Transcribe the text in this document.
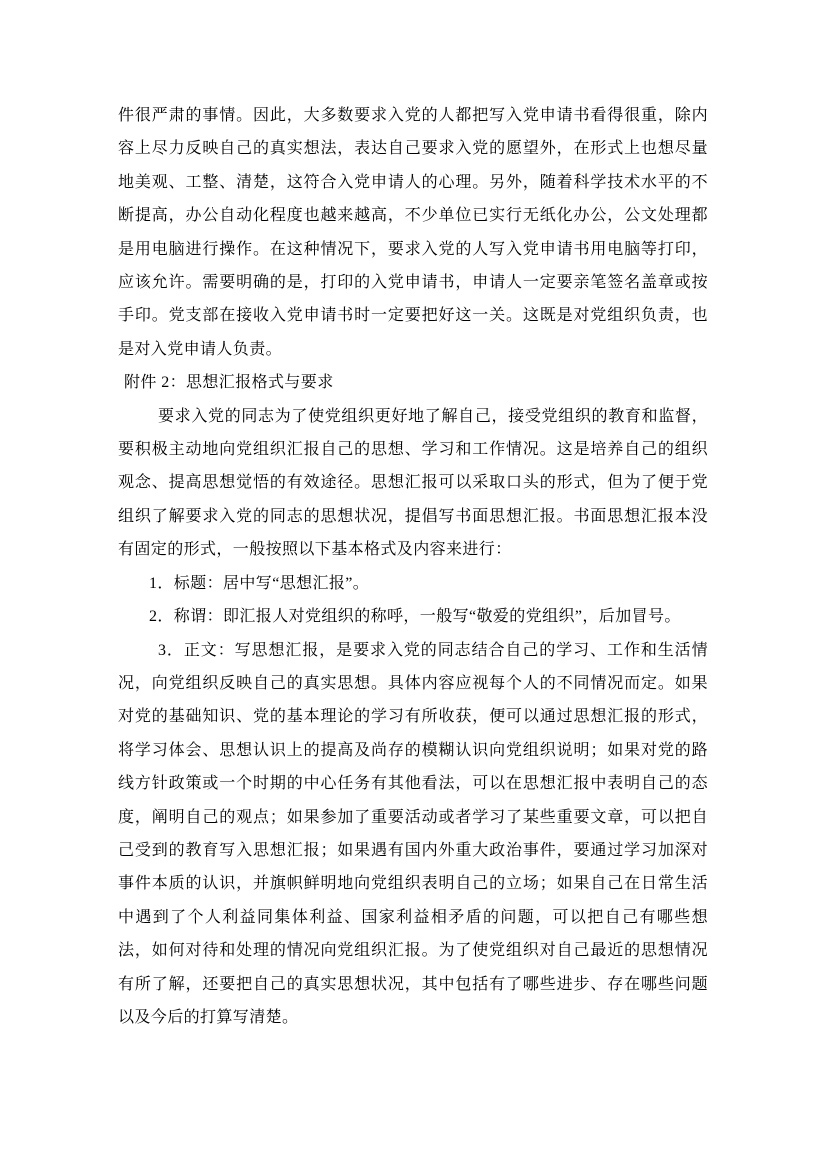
件很严肃的事情。因此，大多数要求入党的人都把写入党申请书看得很重，除内容上尽力反映自己的真实想法，表达自己要求入党的愿望外，在形式上也想尽量地美观、工整、清楚，这符合入党申请人的心理。另外，随着科学技术水平的不断提高，办公自动化程度也越来越高，不少单位已实行无纸化办公，公文处理都是用电脑进行操作。在这种情况下，要求入党的人写入党申请书用电脑等打印，应该允许。需要明确的是，打印的入党申请书，申请人一定要亲笔签名盖章或按手印。党支部在接收入党申请书时一定要把好这一关。这既是对党组织负责，也是对入党申请人负责。

附件 2：思想汇报格式与要求

要求入党的同志为了使党组织更好地了解自己，接受党组织的教育和监督，要积极主动地向党组织汇报自己的思想、学习和工作情况。这是培养自己的组织观念、提高思想觉悟的有效途径。思想汇报可以采取口头的形式，但为了便于党组织了解要求入党的同志的思想状况，提倡写书面思想汇报。书面思想汇报本没有固定的形式，一般按照以下基本格式及内容来进行：

1．标题：居中写“思想汇报”。

2．称谓：即汇报人对党组织的称呼，一般写“敬爱的党组织”，后加冒号。

3．正文：写思想汇报，是要求入党的同志结合自己的学习、工作和生活情况，向党组织反映自己的真实思想。具体内容应视每个人的不同情况而定。如果对党的基础知识、党的基本理论的学习有所收获，便可以通过思想汇报的形式，将学习体会、思想认识上的提高及尚存的模糊认识向党组织说明；如果对党的路线方针政策或一个时期的中心任务有其他看法，可以在思想汇报中表明自己的态度，阐明自己的观点；如果参加了重要活动或者学习了某些重要文章，可以把自己受到的教育写入思想汇报；如果遇有国内外重大政治事件，要通过学习加深对事件本质的认识，并旗帜鲜明地向党组织表明自己的立场；如果自己在日常生活中遇到了个人利益同集体利益、国家利益相矛盾的问题，可以把自己有哪些想法，如何对待和处理的情况向党组织汇报。为了使党组织对自己最近的思想情况有所了解，还要把自己的真实思想状况，其中包括有了哪些进步、存在哪些问题以及今后的打算写清楚。
